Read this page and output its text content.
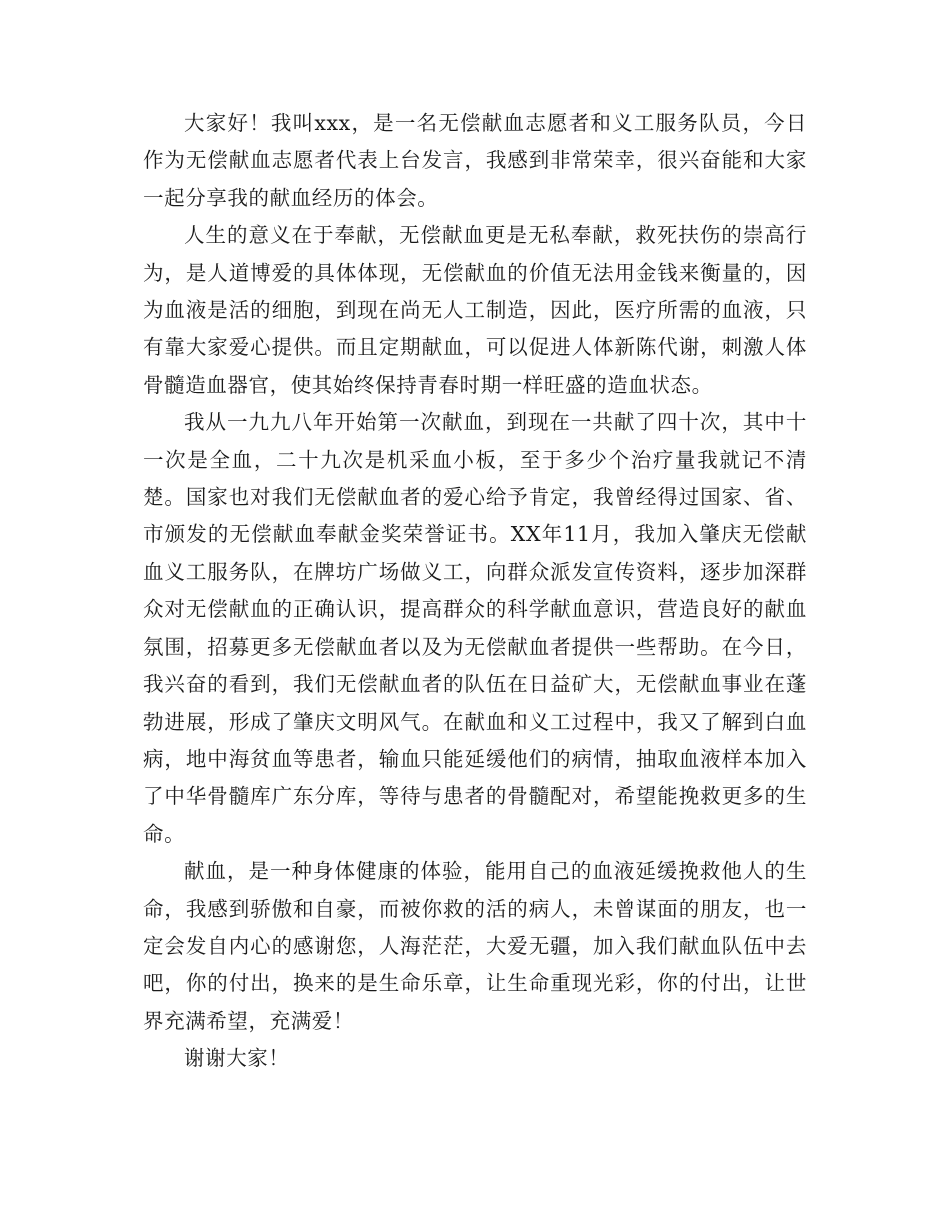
大家好！我叫xxx，是一名无偿献血志愿者和义工服务队员，今日作为无偿献血志愿者代表上台发言，我感到非常荣幸，很兴奋能和大家一起分享我的献血经历的体会。

人生的意义在于奉献，无偿献血更是无私奉献，救死扶伤的崇高行为，是人道博爱的具体体现，无偿献血的价值无法用金钱来衡量的，因为血液是活的细胞，到现在尚无人工制造，因此，医疗所需的血液，只有靠大家爱心提供。而且定期献血，可以促进人体新陈代谢，刺激人体骨髓造血器官，使其始终保持青春时期一样旺盛的造血状态。

我从一九九八年开始第一次献血，到现在一共献了四十次，其中十一次是全血，二十九次是机采血小板，至于多少个治疗量我就记不清楚。国家也对我们无偿献血者的爱心给予肯定，我曾经得过国家、省、市颁发的无偿献血奉献金奖荣誉证书。XX年11月，我加入肇庆无偿献血义工服务队，在牌坊广场做义工，向群众派发宣传资料，逐步加深群众对无偿献血的正确认识，提高群众的科学献血意识，营造良好的献血氛围，招募更多无偿献血者以及为无偿献血者提供一些帮助。在今日，我兴奋的看到，我们无偿献血者的队伍在日益矿大，无偿献血事业在蓬勃进展，形成了肇庆文明风气。在献血和义工过程中，我又了解到白血病，地中海贫血等患者，输血只能延缓他们的病情，抽取血液样本加入了中华骨髓库广东分库，等待与患者的骨髓配对，希望能挽救更多的生命。

献血，是一种身体健康的体验，能用自己的血液延缓挽救他人的生命，我感到骄傲和自豪，而被你救的活的病人，未曾谋面的朋友，也一定会发自内心的感谢您，人海茫茫，大爱无疆，加入我们献血队伍中去吧，你的付出，换来的是生命乐章，让生命重现光彩，你的付出，让世界充满希望，充满爱！

谢谢大家！
